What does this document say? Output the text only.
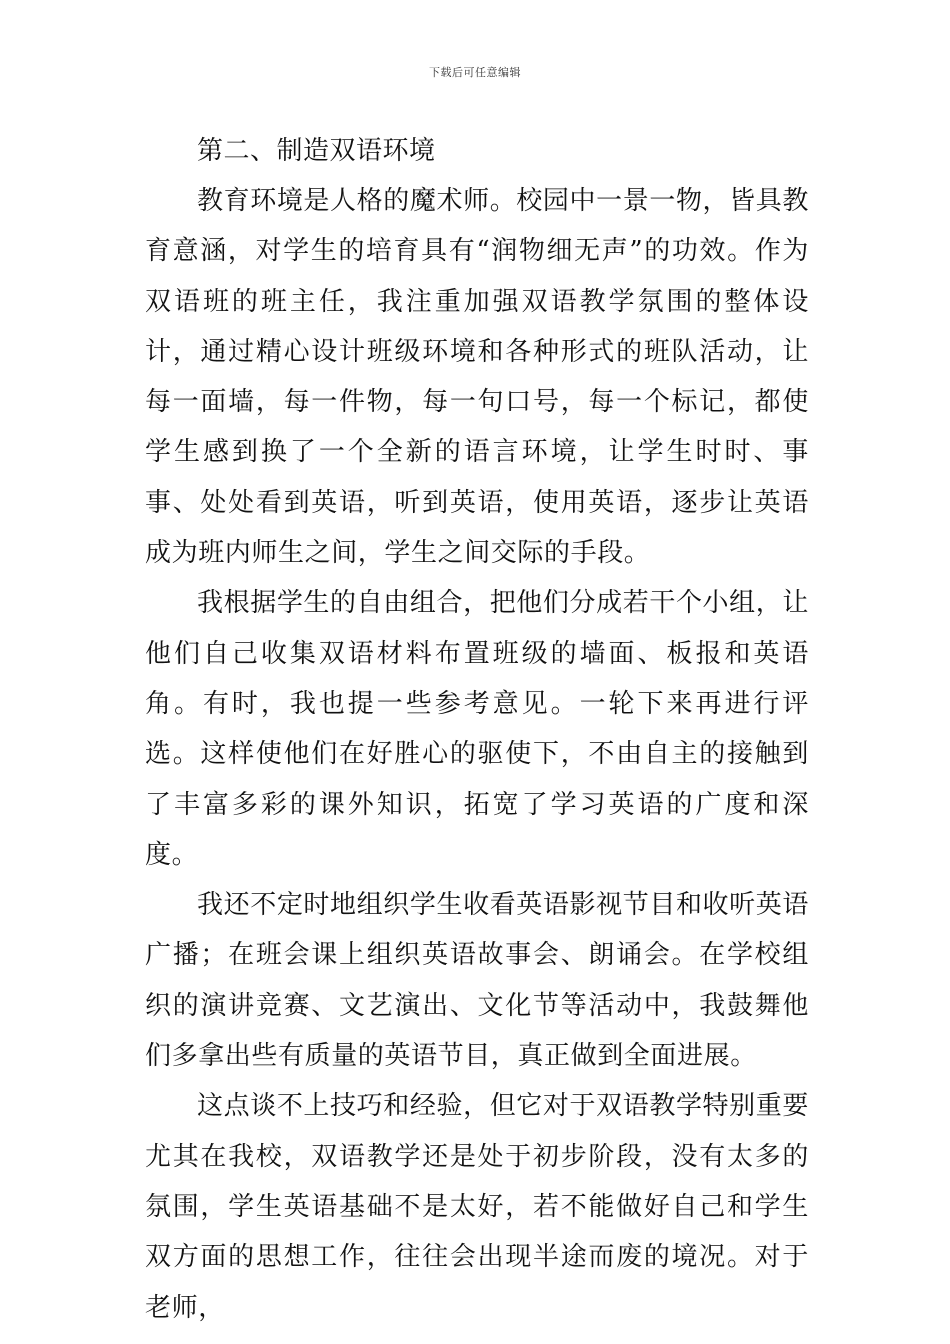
下载后可任意编辑
第二、制造双语环境

教育环境是人格的魔术师。校园中一景一物，皆具教育意涵，对学生的培育具有“润物细无声”的功效。作为双语班的班主任，我注重加强双语教学氛围的整体设计，通过精心设计班级环境和各种形式的班队活动，让每一面墙，每一件物，每一句口号，每一个标记，都使学生感到换了一个全新的语言环境，让学生时时、事事、处处看到英语，听到英语，使用英语，逐步让英语成为班内师生之间，学生之间交际的手段。

我根据学生的自由组合，把他们分成若干个小组，让他们自己收集双语材料布置班级的墙面、板报和英语角。有时，我也提一些参考意见。一轮下来再进行评选。这样使他们在好胜心的驱使下，不由自主的接触到了丰富多彩的课外知识，拓宽了学习英语的广度和深度。

我还不定时地组织学生收看英语影视节目和收听英语广播；在班会课上组织英语故事会、朗诵会。在学校组织的演讲竞赛、文艺演出、文化节等活动中，我鼓舞他们多拿出些有质量的英语节目，真正做到全面进展。

这点谈不上技巧和经验，但它对于双语教学特别重要尤其在我校，双语教学还是处于初步阶段，没有太多的氛围，学生英语基础不是太好，若不能做好自己和学生双方面的思想工作，往往会出现半途而废的境况。对于老师，
